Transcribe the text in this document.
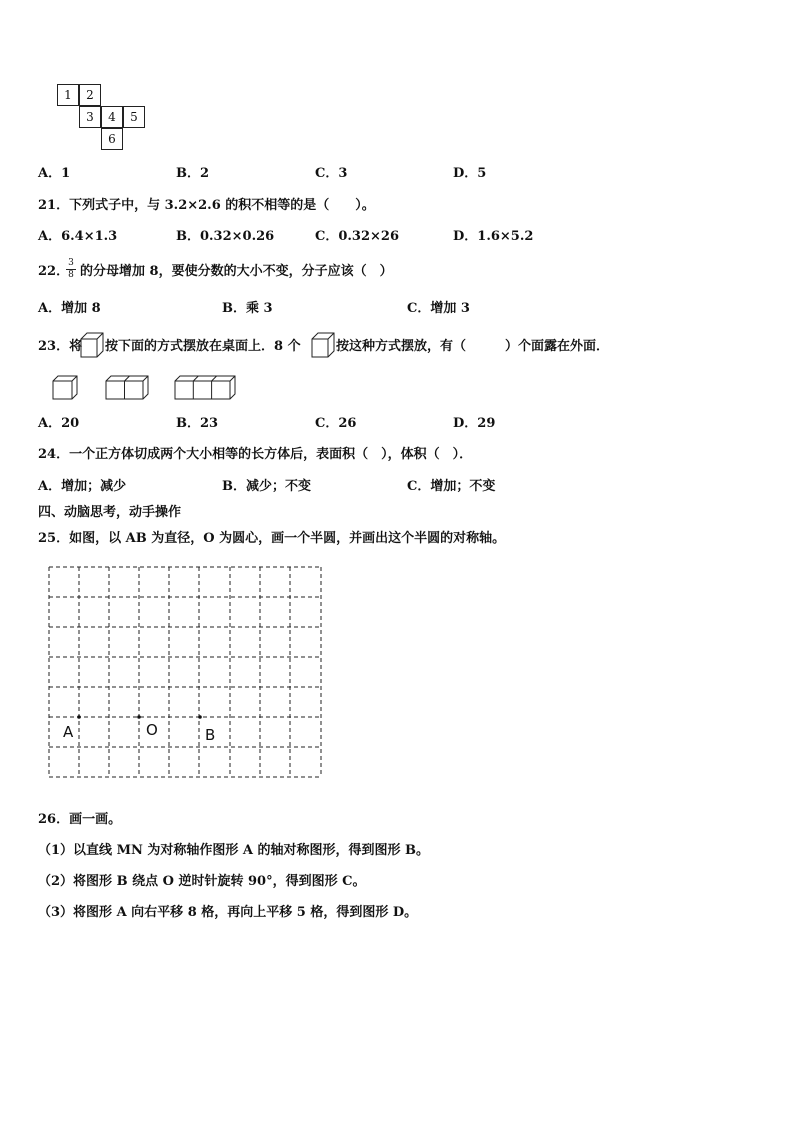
1	2
3	4	5
6
A．1	B．2	C．3	D．5
21．下列式子中，与 3.2×2.6 的积不相等的是（　　）。
A．6.4×1.3	B．0.32×0.26	C．0.32×26	D．1.6×5.2
22．
3
8 的分母增加 8，要使分数的大小不变，分子应该（　）
A．增加 8	B．乘 3	C．增加 3
23．将 按下面的方式摆放在桌面上．8 个	按这种方式摆放，有（　　　）个面露在外面．
A．20	B．23	C．26	D．29
24．一个正方体切成两个大小相等的长方体后，表面积（　），体积（　）．
A．增加；减少	B．减少；不变	C．增加；不变
四、动脑思考，动手操作
25．如图，以 AB 为直径，O 为圆心，画一个半圆，并画出这个半圆的对称轴。
A	O	B
26．画一画。
（1）以直线 MN 为对称轴作图形 A 的轴对称图形，得到图形 B。
（2）将图形 B 绕点 O 逆时针旋转 90°，得到图形 C。
（3）将图形 A 向右平移 8 格，再向上平移 5 格，得到图形 D。
